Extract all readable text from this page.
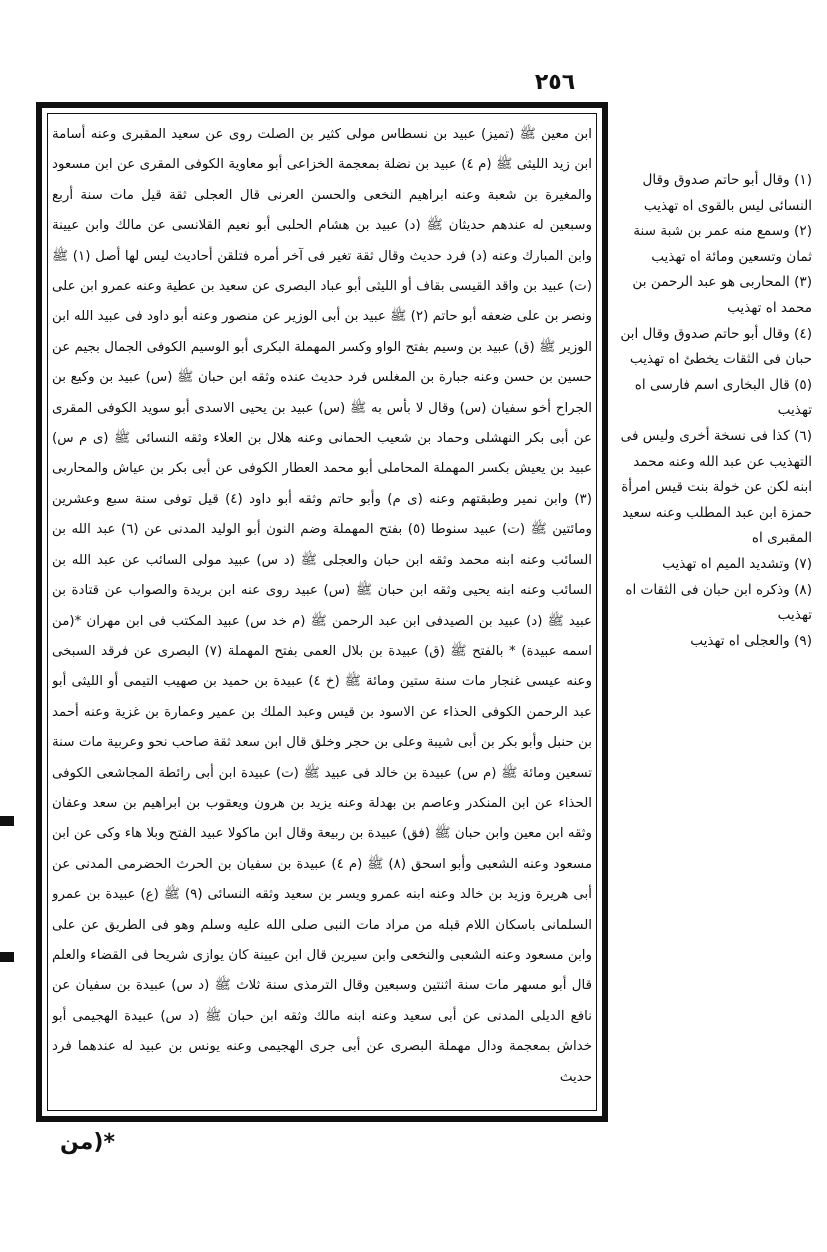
٢٥٦

ابن معين ﷺ (تميز) عبيد بن نسطاس مولى كثير بن الصلت روى عن سعيد المقبرى وعنه أسامة ابن زيد الليثى ﷺ (م ٤) عبيد بن نضلة بمعجمة الخزاعى أبو معاوية الكوفى المقرى عن ابن مسعود والمغيرة بن شعبة وعنه ابراهيم النخعى والحسن العرنى قال العجلى ثقة قيل مات سنة أربع وسبعين له عندهم حديثان ﷺ (د) عبيد بن هشام الحلبى أبو نعيم القلانسى عن مالك وابن عيينة وابن المبارك وعنه (د) فرد حديث وقال ثقة تغير فى آخر أمره فتلقن أحاديث ليس لها أصل (١) ﷺ (ت) عبيد بن واقد القيسى بقاف أو الليثى أبو عباد البصرى عن سعيد بن عطية وعنه عمرو ابن على ونصر بن على ضعفه أبو حاتم (٢) ﷺ عبيد بن أبى الوزير عن منصور وعنه أبو داود فى عبيد الله ابن الوزير ﷺ (ق) عبيد بن وسيم بفتح الواو وكسر المهملة البكرى أبو الوسيم الكوفى الجمال بجيم عن حسين بن حسن وعنه جبارة بن المغلس فرد حديث عنده وثقه ابن حبان ﷺ (س) عبيد بن وكيع بن الجراح أخو سفيان (س) وقال لا بأس به ﷺ (س) عبيد بن يحيى الاسدى أبو سويد الكوفى المقرى عن أبى بكر النهشلى وحماد بن شعيب الحمانى وعنه هلال بن العلاء وثقه النسائى ﷺ (ى م س) عبيد بن يعيش بكسر المهملة المحاملى أبو محمد العطار الكوفى عن أبى بكر بن عياش والمحاربى (٣) وابن نمير وطبقتهم وعنه (ى م) وأبو حاتم وثقه أبو داود (٤) قيل توفى سنة سبع وعشرين ومائتين ﷺ (ت) عبيد سنوطا (٥) بفتح المهملة وضم النون أبو الوليد المدنى عن (٦) عبد الله بن السائب وعنه ابنه محمد وثقه ابن حبان والعجلى ﷺ (د س) عبيد مولى السائب عن عبد الله بن السائب وعنه ابنه يحيى وثقه ابن حبان ﷺ (س) عبيد روى عنه ابن بريدة والصواب عن قتادة بن عبيد ﷺ (د) عبيد بن الصيدفى ابن عبد الرحمن ﷺ (م خد س) عبيد المكتب فى ابن مهران *(من اسمه عبيدة) * بالفتح ﷺ (ق) عبيدة بن بلال العمى بفتح المهملة (٧) البصرى عن فرقد السبخى وعنه عيسى غنجار مات سنة ستين ومائة ﷺ (خ ٤) عبيدة بن حميد بن صهيب التيمى أو الليثى أبو عبد الرحمن الكوفى الحذاء عن الاسود بن قيس وعبد الملك بن عمير وعمارة بن غزية وعنه أحمد بن حنبل وأبو بكر بن أبى شيبة وعلى بن حجر وخلق قال ابن سعد ثقة صاحب نحو وعربية مات سنة تسعين ومائة ﷺ (م س) عبيدة بن خالد فى عبيد ﷺ (ت) عبيدة ابن أبى رائطة المجاشعى الكوفى الحذاء عن ابن المنكدر وعاصم بن بهدلة وعنه يزيد بن هرون ويعقوب بن ابراهيم بن سعد وعفان وثقه ابن معين وابن حبان ﷺ (فق) عبيدة بن ربيعة وقال ابن ماكولا عبيد الفتح وبلا هاء وكى عن ابن مسعود وعنه الشعبى وأبو اسحق (٨) ﷺ (م ٤) عبيدة بن سفيان بن الحرث الحضرمى المدنى عن أبى هريرة وزيد بن خالد وعنه ابنه عمرو ويسر بن سعيد وثقه النسائى (٩) ﷺ (ع) عبيدة بن عمرو السلمانى باسكان اللام قبله من مراد مات النبى صلى الله عليه وسلم وهو فى الطريق عن على وابن مسعود وعنه الشعبى والنخعى وابن سيرين قال ابن عيينة كان يوازى شريحا فى القضاء والعلم قال أبو مسهر مات سنة اثنتين وسبعين وقال الترمذى سنة ثلاث ﷺ (د س) عبيدة بن سفيان عن نافع الديلى المدنى عن أبى سعيد وعنه ابنه مالك وثقه ابن حبان ﷺ (د س) عبيدة الهجيمى أبو خداش بمعجمة ودال مهملة البصرى عن أبى جرى الهجيمى وعنه يونس بن عبيد له عندهما فرد حديث

(١) وقال أبو حاتم صدوق وقال النسائى ليس بالقوى اه تهذيب
(٢) وسمع منه عمر بن شبة سنة ثمان وتسعين ومائة اه تهذيب
(٣) المحاربى هو عبد الرحمن بن محمد اه تهذيب
(٤) وقال أبو حاتم صدوق وقال ابن حبان فى الثقات يخطئ اه تهذيب
(٥) قال البخارى اسم فارسى اه تهذيب
(٦) كذا فى نسخة أخرى وليس فى التهذيب عن عبد الله وعنه محمد ابنه لكن عن خولة بنت قيس امرأة حمزة ابن عبد المطلب وعنه سعيد المقبرى اه
(٧) وتشديد الميم اه تهذيب
(٨) وذكره ابن حبان فى الثقات اه تهذيب
(٩) والعجلى اه تهذيب
*(من
